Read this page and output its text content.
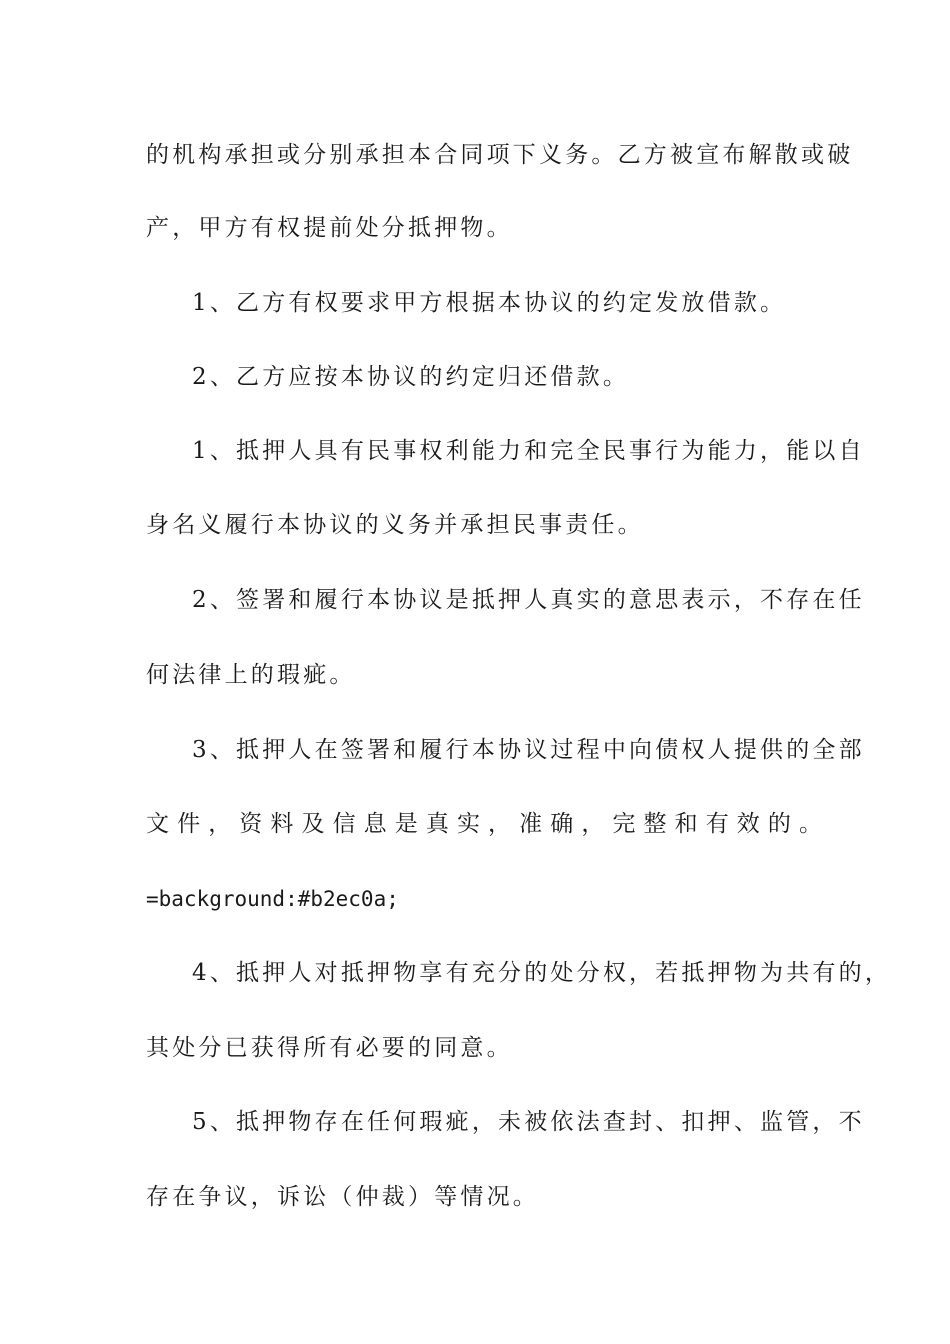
的机构承担或分别承担本合同项下义务。乙方被宣布解散或破
产，甲方有权提前处分抵押物。
1、乙方有权要求甲方根据本协议的约定发放借款。
2、乙方应按本协议的约定归还借款。
1、抵押人具有民事权利能力和完全民事行为能力，能以自
身名义履行本协议的义务并承担民事责任。
2、签署和履行本协议是抵押人真实的意思表示，不存在任
何法律上的瑕疵。
3、抵押人在签署和履行本协议过程中向债权人提供的全部
文 件 ， 资 料 及 信 息 是 真 实 ， 准 确 ， 完 整 和 有 效 的 。
=background:#b2ec0a;
4、抵押人对抵押物享有充分的处分权，若抵押物为共有的，
其处分已获得所有必要的同意。
5、抵押物存在任何瑕疵，未被依法查封、扣押、监管，不
存在争议，诉讼（仲裁）等情况。
